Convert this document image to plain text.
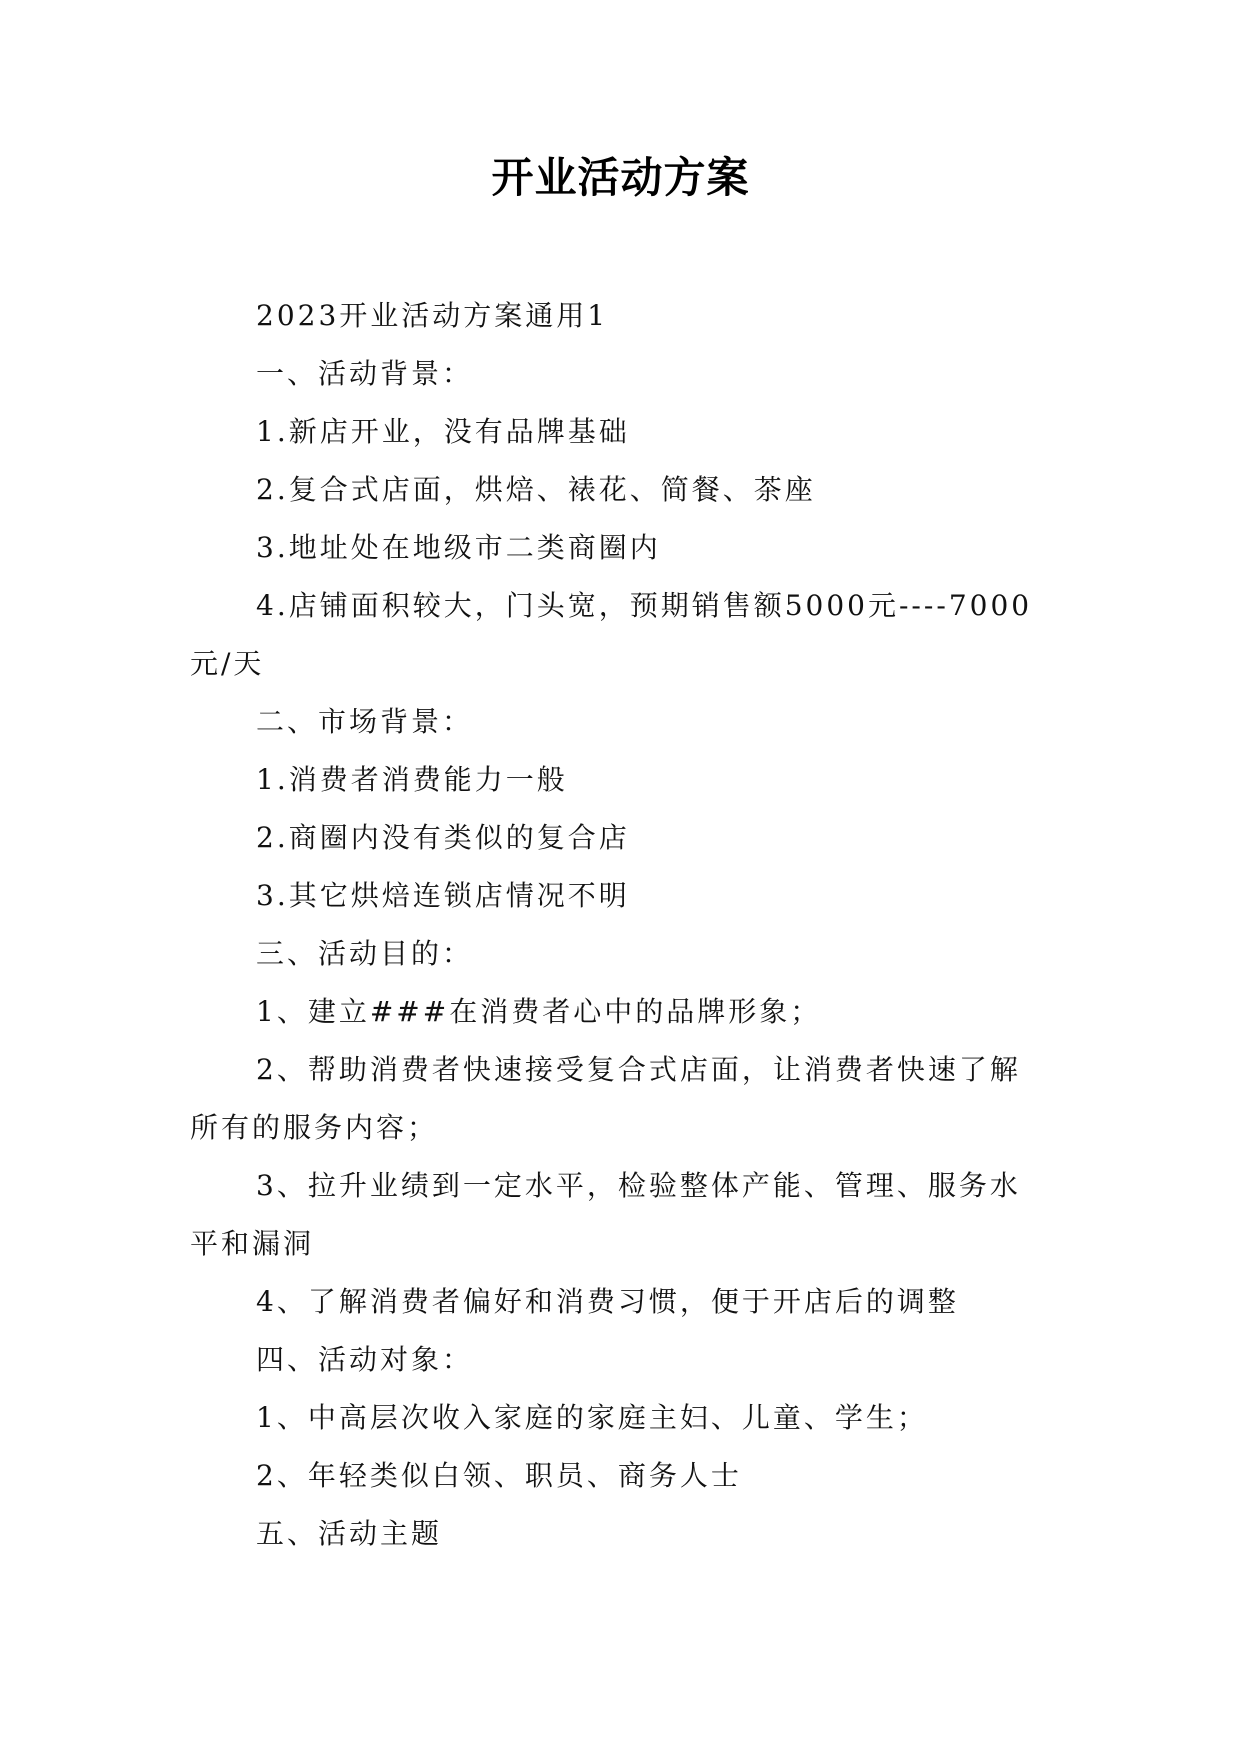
开业活动方案

2023开业活动方案通用1

一、活动背景：

1.新店开业，没有品牌基础

2.复合式店面，烘焙、裱花、简餐、茶座

3.地址处在地级市二类商圈内

4.店铺面积较大，门头宽，预期销售额5000元----7000元/天

二、市场背景：

1.消费者消费能力一般

2.商圈内没有类似的复合店

3.其它烘焙连锁店情况不明

三、活动目的：

1、建立###在消费者心中的品牌形象；

2、帮助消费者快速接受复合式店面，让消费者快速了解所有的服务内容；

3、拉升业绩到一定水平，检验整体产能、管理、服务水平和漏洞

4、了解消费者偏好和消费习惯，便于开店后的调整

四、活动对象：

1、中高层次收入家庭的家庭主妇、儿童、学生；

2、年轻类似白领、职员、商务人士

五、活动主题
